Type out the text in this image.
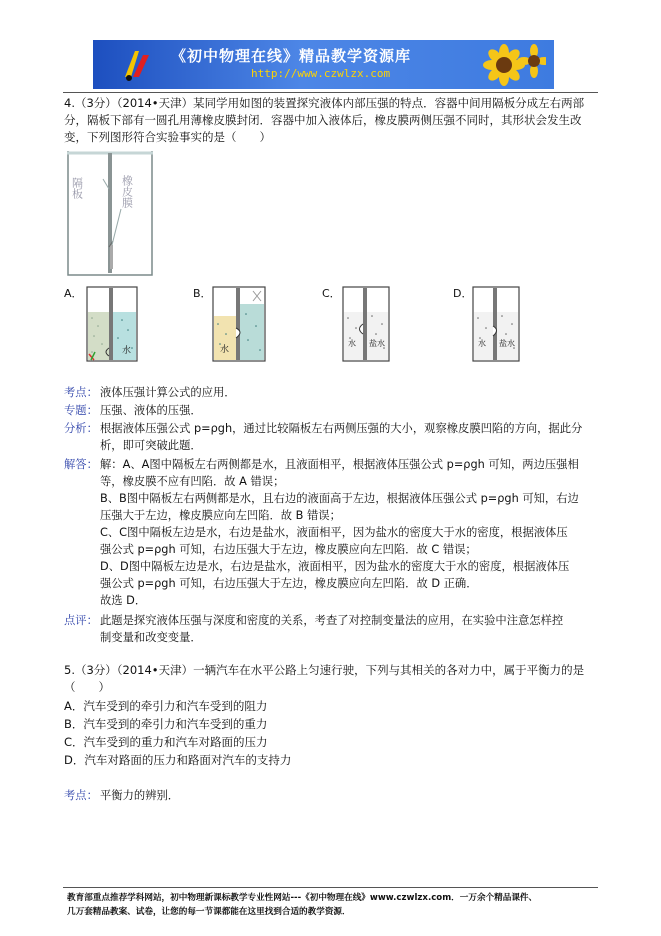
《初中物理在线》精品教学资源库
http://www.czwlzx.com
4.（3分）（2014•天津）某同学用如图的装置探究液体内部压强的特点．容器中间用隔板分成左右两部
分，隔板下部有一圆孔用薄橡皮膜封闭．容器中加入液体后，橡皮膜两侧压强不同时，其形状会发生改
变，下列图形符合实验事实的是（　　）
隔板	橡皮膜
A．
水
B．
水
C．
水 盐水
D．
水 盐水
考点： 液体压强计算公式的应用．
专题： 压强、液体的压强．
分析： 根据液体压强公式 p=ρgh，通过比较隔板左右两侧压强的大小，观察橡皮膜凹陷的方向，据此分
析，即可突破此题．
解答： 解：A、A图中隔板左右两侧都是水，且液面相平，根据液体压强公式 p=ρgh 可知，两边压强相
等，橡皮膜不应有凹陷．故 A 错误；
B、B图中隔板左右两侧都是水，且右边的液面高于左边，根据液体压强公式 p=ρgh 可知，右边
压强大于左边，橡皮膜应向左凹陷．故 B 错误；
C、C图中隔板左边是水，右边是盐水，液面相平，因为盐水的密度大于水的密度，根据液体压
强公式 p=ρgh 可知，右边压强大于左边，橡皮膜应向左凹陷．故 C 错误；
D、D图中隔板左边是水，右边是盐水，液面相平，因为盐水的密度大于水的密度，根据液体压
强公式 p=ρgh 可知，右边压强大于左边，橡皮膜应向左凹陷．故 D 正确．
故选 D．
点评： 此题是探究液体压强与深度和密度的关系，考查了对控制变量法的应用，在实验中注意怎样控
制变量和改变变量．
5.（3分）（2014•天津）一辆汽车在水平公路上匀速行驶，下列与其相关的各对力中，属于平衡力的是
（　　）
A．汽车受到的牵引力和汽车受到的阻力
B．汽车受到的牵引力和汽车受到的重力
C．汽车受到的重力和汽车对路面的压力
D．汽车对路面的压力和路面对汽车的支持力
考点： 平衡力的辨别．
教育部重点推荐学科网站，初中物理新课标教学专业性网站---《初中物理在线》www.czwlzx.com．一万余个精品课件、
几万套精品教案、试卷，让您的每一节课都能在这里找到合适的教学资源．
